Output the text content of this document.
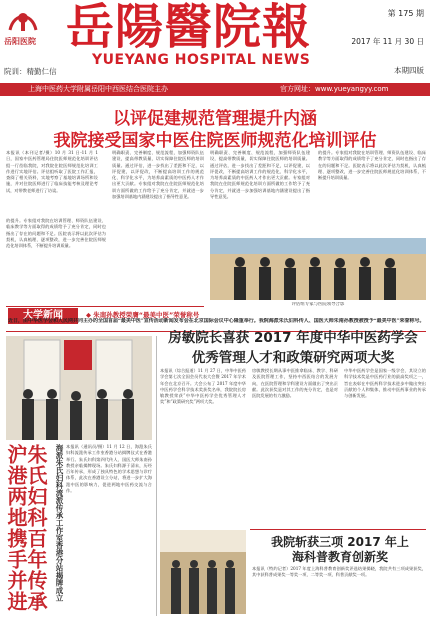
岳阳医院
院训：精勤仁信
岳陽醫院報
YUEYANG HOSPITAL NEWS
第 175 期
2017 年 11 月 30 日
本期四版
上海中医药大学附属岳阳中西医结合医院主办	官方网址：www.yueyangyy.com
以评促建规范管理提升内涵
我院接受国家中医住院医师规范化培训评估
本报讯（本刊记者/摄）10 月 31 日-11 月 1 日，国家中医药管理局住院医师规范化培训评估组一行莅临我院，对我院住院医师规范化培训工作进行实地评估。评估组听取了医院工作汇报，查阅了相关资料，实地考察了基地培训场所和设施，并对住院医师进行了临床技能考核及理论考试，对带教老师进行了访谈。
明确职责、完善制度、规范流程，加强师资队伍建设，提高带教质量，切实保障住院医师的培训质量。通过评估，进一步找出了差距和不足，以评促建，以评促改，不断提高培训工作的规范化、科学化水平，为培养高素质的中医药人才作出更大贡献。专家组对我院在住院医师规范化培训方面所做的工作给予了充分肯定，并就进一步加强培训基地内涵建设提出了指导性意见。
明确职责、完善制度、规范流程，加强师资队伍建设，提高带教质量，切实保障住院医师的培训质量。通过评估，进一步找出了差距和不足，以评促建，以评促改，不断提高培训工作的规范化、科学化水平，为培养高素质的中医药人才作出更大贡献。专家组对我院在住院医师规范化培训方面所做的工作给予了充分肯定，并就进一步加强培训基地内涵建设提出了指导性意见。
的提升。专家组对我院在培训管理、师资队伍建设、临床教学等方面取得的成绩给予了充分肯定，同时也指出了存在的问题和不足。医院表示将以此次评估为契机，认真梳理、逐项整改，进一步完善住院医师规范化培训体系，不断提升培训质量。
的提升。专家组对我院在培训管理、师资队伍建设、临床教学等方面取得的成绩给予了充分肯定，同时也指出了存在的问题和不足。医院表示将以此次评估为契机，认真梳理、逐项整改，进一步完善住院医师规范化培训体系，不断提升培训质量。
评估组专家与医院领导合影
大学新闻	◆ 朱南孙教授荣膺“最美中医”荣誉称号
近日，由中华医学会和人民网共同主办的全国首届“最美中医”宣传活动新闻发布会在北京国际会议中心隆重举行。我院海派朱氏妇科传人、国医大师朱南孙教授被授予“最美中医”荣誉称号。
房敏院长喜获 2017 年度中华中医药学会
优秀管理人才和政策研究两项大奖
本报讯（综合报道）11 月 27 日，中华中医药学会第七次全国会员代表大会暨 2017 年学术年会在北京召开。大会公布了 2017 年度中华中医药学会科学技术奖获奖名单，我院院长房敏教授荣获“中华中医药学会优秀管理人才奖”和“政策研究奖”两项大奖。
房敏教授长期从事中医推拿临床、教学、科研及医院管理工作，坚持中西医结合的发展方向，在医院管理和学科建设方面做出了突出贡献。此次获奖是对其工作的充分肯定，也是对医院发展的有力激励。
中华中医药学会是国家一级学会，其设立的科学技术奖是中医药行业的最高奖项之一，旨在表彰在中医药科学技术进步中做出突出贡献的个人和集体，推动中医药事业的传承与创新发展。
朱氏妇科百年传承 沪港两地携手并进	海派朱氏妇科流派传承工作室香港分站揭牌成立 本报讯（通讯员/摄）11 月 12 日，海派朱氏妇科流派传承工作室香港分站揭牌仪式在香港举行。朱氏妇科第四代传人、国医大师朱南孙教授亲临揭牌现场。朱氏妇科源于清末，历经百年传承，形成了独具特色的学术思想与诊疗体系，此次在香港设立分站，将进一步扩大海派中医的影响力，促进两地中医药交流与合作。
我院斩获三项 2017 年上
海科普教育创新奖
本报讯（特约记者）2017 年度上海科普教育创新奖评选结果揭晓，我院共有三项成果获奖，其中获科普成果奖一等奖一项、二等奖一项、科普贡献奖一项。
